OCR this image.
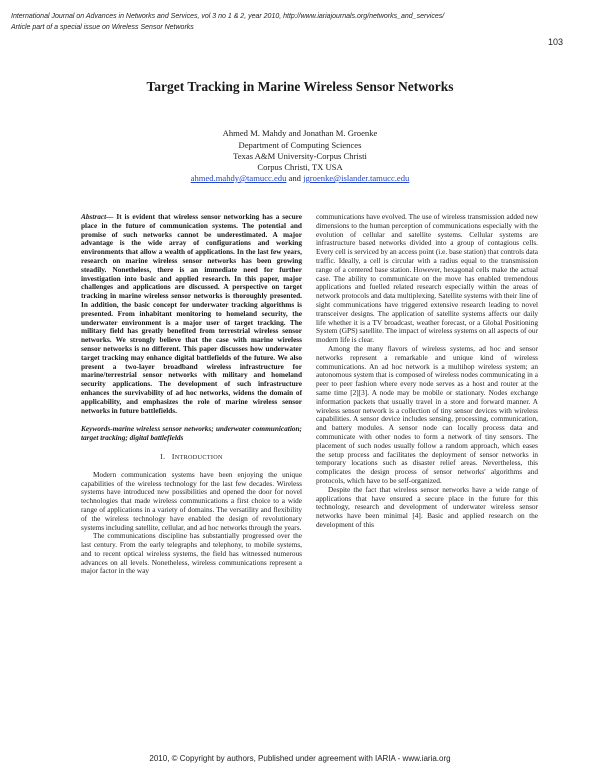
International Journal on Advances in Networks and Services, vol 3 no 1 & 2, year 2010, http://www.iariajournals.org/networks_and_services/
Article part of a special issue on Wireless Sensor Networks
103
Target Tracking in Marine Wireless Sensor Networks
Ahmed M. Mahdy and Jonathan M. Groenke
Department of Computing Sciences
Texas A&M University-Corpus Christi
Corpus Christi, TX USA
ahmed.mahdy@tamucc.edu and jgroenke@islander.tamucc.edu

Abstract— It is evident that wireless sensor networking has a secure place in the future of communication systems. The potential and promise of such networks cannot be underestimated. A major advantage is the wide array of configurations and working environments that allow a wealth of applications. In the last few years, research on marine wireless sensor networks has been growing steadily. Nonetheless, there is an immediate need for further investigation into basic and applied research. In this paper, major challenges and applications are discussed. A perspective on target tracking in marine wireless sensor networks is thoroughly presented. In addition, the basic concept for underwater tracking algorithms is presented. From inhabitant monitoring to homeland security, the underwater environment is a major user of target tracking. The military field has greatly benefited from terrestrial wireless sensor networks. We strongly believe that the case with marine wireless sensor networks is no different. This paper discusses how underwater target tracking may enhance digital battlefields of the future. We also present a two-layer broadband wireless infrastructure for marine/terrestrial sensor networks with military and homeland security applications. The development of such infrastructure enhances the survivability of ad hoc networks, widens the domain of applicability, and emphasizes the role of marine wireless sensor networks in future battlefields.

Keywords-marine wireless sensor networks; underwater communication; target tracking; digital battlefields

I. INTRODUCTION

Modern communication systems have been enjoying the unique capabilities of the wireless technology for the last few decades. Wireless systems have introduced new possibilities and opened the door for novel technologies that made wireless communications a first choice to a wide range of applications in a variety of domains. The versatility and flexibility of the wireless technology have enabled the design of revolutionary systems including satellite, cellular, and ad hoc networks through the years.

The communications discipline has substantially progressed over the last century. From the early telegraphs and telephony, to mobile systems, and to recent optical wireless systems, the field has witnessed numerous advances on all levels. Nonetheless, wireless communications represent a major factor in the way

communications have evolved. The use of wireless transmission added new dimensions to the human perception of communications especially with the evolution of cellular and satellite systems. Cellular systems are infrastructure based networks divided into a group of contagious cells. Every cell is serviced by an access point (i.e. base station) that controls data traffic. Ideally, a cell is circular with a radius equal to the transmission range of a centered base station. However, hexagonal cells make the actual case. The ability to communicate on the move has enabled tremendous applications and fuelled related research especially within the areas of network protocols and data multiplexing. Satellite systems with their line of sight communications have triggered extensive research leading to novel transceiver designs. The application of satellite systems affects our daily life whether it is a TV broadcast, weather forecast, or a Global Positioning System (GPS) satellite. The impact of wireless systems on all aspects of our modern life is clear.

Among the many flavors of wireless systems, ad hoc and sensor networks represent a remarkable and unique kind of wireless communications. An ad hoc network is a multihop wireless system; an autonomous system that is composed of wireless nodes communicating in a peer to peer fashion where every node serves as a host and router at the same time [2][3]. A node may be mobile or stationary. Nodes exchange information packets that usually travel in a store and forward manner. A wireless sensor network is a collection of tiny sensor devices with wireless capabilities. A sensor device includes sensing, processing, communication, and battery modules. A sensor node can locally process data and communicate with other nodes to form a network of tiny sensors. The placement of such nodes usually follow a random approach, which eases the setup process and facilitates the deployment of sensor networks in temporary locations such as disaster relief areas. Nevertheless, this complicates the design process of sensor networks' algorithms and protocols, which have to be self-organized.

Despite the fact that wireless sensor networks have a wide range of applications that have ensured a secure place in the future for this technology, research and development of underwater wireless sensor networks have been minimal [4]. Basic and applied research on the development of this

2010, © Copyright by authors, Published under agreement with IARIA - www.iaria.org
